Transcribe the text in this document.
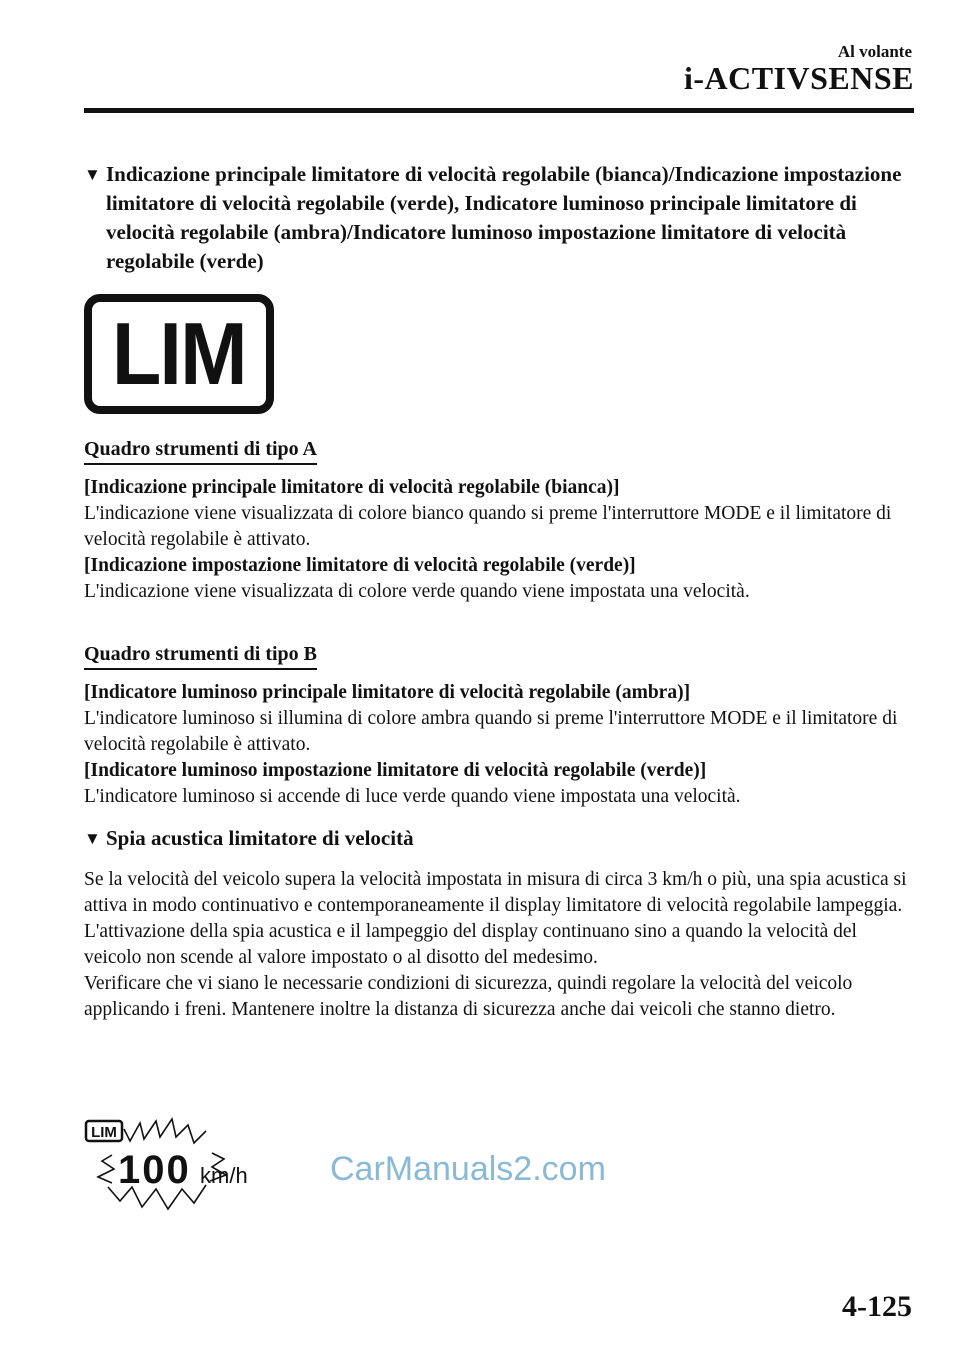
Al volante
i-ACTIVSENSE
▼ Indicazione principale limitatore di velocità regolabile (bianca)/Indicazione impostazione limitatore di velocità regolabile (verde), Indicatore luminoso principale limitatore di velocità regolabile (ambra)/Indicatore luminoso impostazione limitatore di velocità regolabile (verde)
LIM
Quadro strumenti di tipo A
[Indicazione principale limitatore di velocità regolabile (bianca)]
L'indicazione viene visualizzata di colore bianco quando si preme l'interruttore MODE e il limitatore di velocità regolabile è attivato.
[Indicazione impostazione limitatore di velocità regolabile (verde)]
L'indicazione viene visualizzata di colore verde quando viene impostata una velocità.
Quadro strumenti di tipo B
[Indicatore luminoso principale limitatore di velocità regolabile (ambra)]
L'indicatore luminoso si illumina di colore ambra quando si preme l'interruttore MODE e il limitatore di velocità regolabile è attivato.
[Indicatore luminoso impostazione limitatore di velocità regolabile (verde)]
L'indicatore luminoso si accende di luce verde quando viene impostata una velocità.
▼ Spia acustica limitatore di velocità
Se la velocità del veicolo supera la velocità impostata in misura di circa 3 km/h o più, una spia acustica si attiva in modo continuativo e contemporaneamente il display limitatore di velocità regolabile lampeggia. L'attivazione della spia acustica e il lampeggio del display continuano sino a quando la velocità del veicolo non scende al valore impostato o al disotto del medesimo.
Verificare che vi siano le necessarie condizioni di sicurezza, quindi regolare la velocità del veicolo applicando i freni. Mantenere inoltre la distanza di sicurezza anche dai veicoli che stanno dietro.
LIM
100 km/h CarManuals2.com
4-125
